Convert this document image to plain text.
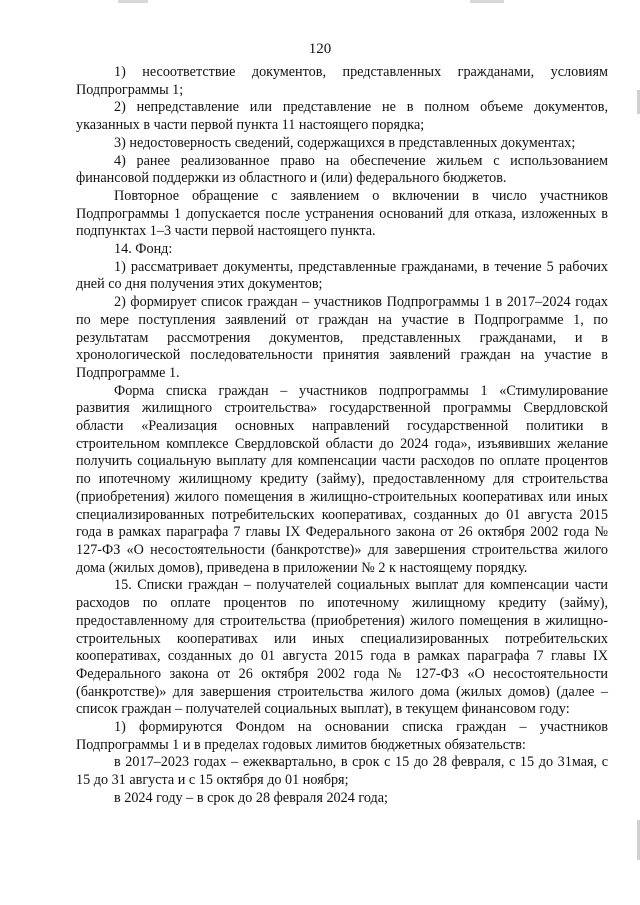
120

1) несоответствие документов, представленных гражданами, условиям Подпрограммы 1;

2) непредставление или представление не в полном объеме документов, указанных в части первой пункта 11 настоящего порядка;

3) недостоверность сведений, содержащихся в представленных документах;

4) ранее реализованное право на обеспечение жильем с использованием финансовой поддержки из областного и (или) федерального бюджетов.

Повторное обращение с заявлением о включении в число участников Подпрограммы 1 допускается после устранения оснований для отказа, изложенных в подпунктах 1–3 части первой настоящего пункта.

14. Фонд:

1) рассматривает документы, представленные гражданами, в течение 5 рабочих дней со дня получения этих документов;

2) формирует список граждан – участников Подпрограммы 1 в 2017–2024 годах по мере поступления заявлений от граждан на участие в Подпрограмме 1, по результатам рассмотрения документов, представленных гражданами, и в хронологической последовательности принятия заявлений граждан на участие в Подпрограмме 1.

Форма списка граждан – участников подпрограммы 1 «Стимулирование развития жилищного строительства» государственной программы Свердловской области «Реализация основных направлений государственной политики в строительном комплексе Свердловской области до 2024 года», изъявивших желание получить социальную выплату для компенсации части расходов по оплате процентов по ипотечному жилищному кредиту (займу), предоставленному для строительства (приобретения) жилого помещения в жилищно-строительных кооперативах или иных специализированных потребительских кооперативах, созданных до 01 августа 2015 года в рамках параграфа 7 главы IX Федерального закона от 26 октября 2002 года № 127-ФЗ «О несостоятельности (банкротстве)» для завершения строительства жилого дома (жилых домов), приведена в приложении № 2 к настоящему порядку.

15. Списки граждан – получателей социальных выплат для компенсации части расходов по оплате процентов по ипотечному жилищному кредиту (займу), предоставленному для строительства (приобретения) жилого помещения в жилищно-строительных кооперативах или иных специализированных потребительских кооперативах, созданных до 01 августа 2015 года в рамках параграфа 7 главы IX Федерального закона от 26 октября 2002 года № 127-ФЗ «О несостоятельности (банкротстве)» для завершения строительства жилого дома (жилых домов) (далее – список граждан – получателей социальных выплат), в текущем финансовом году:

1) формируются Фондом на основании списка граждан – участников Подпрограммы 1 и в пределах годовых лимитов бюджетных обязательств:

в 2017–2023 годах – ежеквартально, в срок с 15 до 28 февраля, с 15 до 31мая, с 15 до 31 августа и с 15 октября до 01 ноября;

в 2024 году – в срок до 28 февраля 2024 года;
